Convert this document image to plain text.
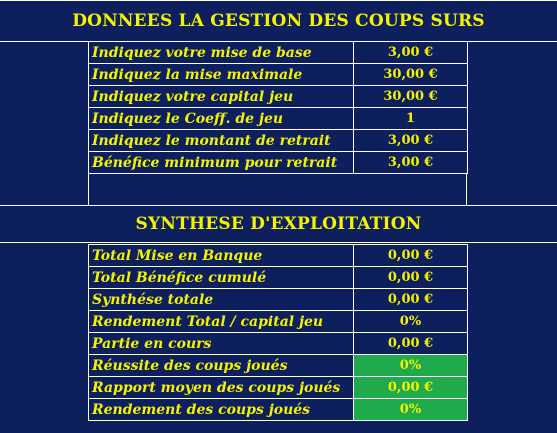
DONNEES LA GESTION DES COUPS SURS
Indiquez votre mise de base	3,00 €
Indiquez la mise maximale	30,00 €
Indiquez votre capital jeu	30,00 €
Indiquez le Coeff. de jeu	1
Indiquez le montant de retrait	3,00 €
Bénéfice minimum pour retrait	3,00 €
SYNTHESE D'EXPLOITATION
Total Mise en Banque	0,00 €
Total Bénéfice cumulé	0,00 €
Synthése totale	0,00 €
Rendement Total / capital jeu	0%
Partie en cours	0,00 €
Réussite des coups joués	0%
Rapport moyen des coups joués	0,00 €
Rendement des coups joués	0%
